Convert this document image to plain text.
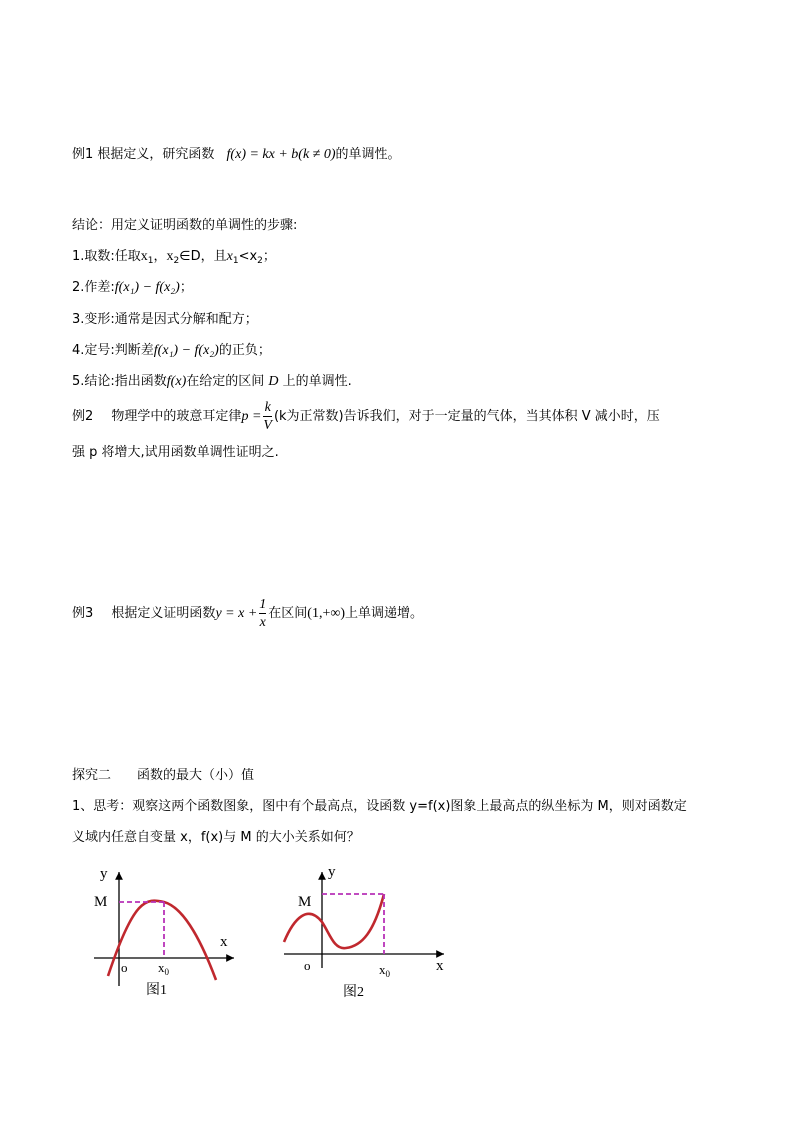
例1 根据定义，研究函数 f(x) = kx + b(k ≠ 0)的单调性。
结论：用定义证明函数的单调性的步骤:
1.取数:任取$x_1$，$x_2\in D$，且$x_1<x_2$；
2.作差:f(x₁) − f(x₂)；
3.变形:通常是因式分解和配方；
4.定号:判断差f(x₁) − f(x₂)的正负；
5.结论:指出函数f(x)在给定的区间 D 上的单调性.
例2 物理学中的玻意耳定律$p = \frac{k}{V} (k$为正常数)告诉我们，对于一定量的气体，当其体积 V 减小时，压
强 p 将增大,试用函数单调性证明之.
例3 根据定义证明函数$y = x + \frac{1}{x}$ 在区间(1,+∞)上单调递增。
探究二　　函数的最大（小）值
1、思考：观察这两个函数图象，图中有个最高点，设函数 y=f(x)图象上最高点的纵坐标为 M，则对函数定
义域内任意自变量 x，f(x)与 M 的大小关系如何？
y
M
x
o $x_0$
图1
y
M
x
o	$x_0$
图2
